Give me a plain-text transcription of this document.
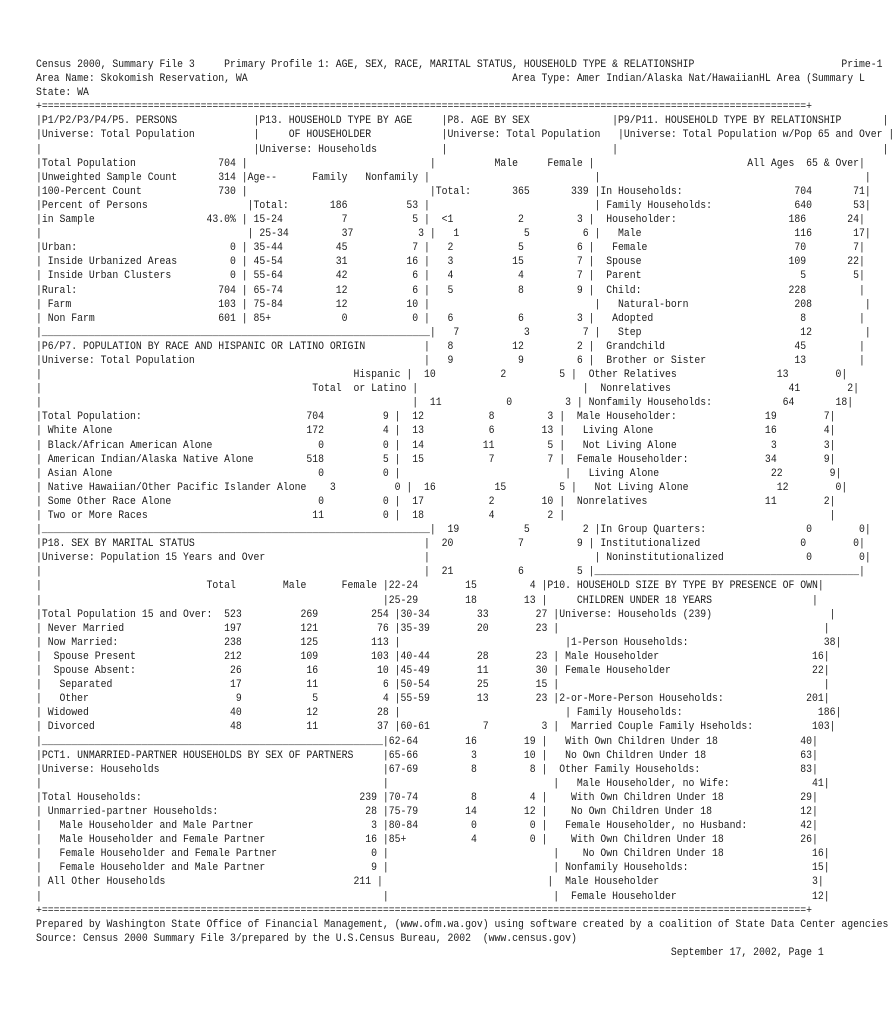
Census 2000, Summary File 3     Primary Profile 1: AGE, SEX, RACE, MARITAL STATUS, HOUSEHOLD TYPE & RELATIONSHIP                         Prime-1
Area Name: Skokomish Reservation, WA                                             Area Type: Amer Indian/Alaska Nat/HawaiianHL Area (Summary L
State: WA
+==================================================================================================================================+
|P1/P2/P3/P4/P5. PERSONS             |P13. HOUSEHOLD TYPE BY AGE     |P8. AGE BY SEX              |P9/P11. HOUSEHOLD TYPE BY RELATIONSHIP       |
|Universe: Total Population          |     OF HOUSEHOLDER            |Universe: Total Population   |Universe: Total Population w/Pop 65 and Over |
|                                    |Universe: Households           |                            |                                             |
|Total Population              704 |                               |          Male     Female |                          All Ages  65 & Over|
|Unweighted Sample Count       314 |Age--      Family   Nonfamily |                            |                                             |
|100-Percent Count             730 |                               |Total:       365       339 |In Households:                   704       71|
|Percent of Persons                 |Total:       186          53 |                            | Family Households:              640       53|
|in Sample                   43.0% | 15-24          7           5 |  <1           2         3 |  Householder:                   186       24|
|                                   | 25-34         37           3 |   1           5         6 |   Male                          116       17|
|Urban:                          0 | 35-44         45           7 |   2           5         6 |   Female                         70        7|
| Inside Urbanized Areas         0 | 45-54         31          16 |   3          15         7 |  Spouse                         109       22|
| Inside Urban Clusters          0 | 55-64         42           6 |   4           4         7 |  Parent                           5        5|
|Rural:                        704 | 65-74         12           6 |   5           8         9 |  Child:                         228         |
| Farm                         103 | 75-84         12          10 |                            |   Natural-born                  208         |
| Non Farm                     601 | 85+            0           0 |   6           6         3 |   Adopted                         8         |
|__________________________________________________________________|   7           3         7 |   Step                           12         |
|P6/P7. POPULATION BY RACE AND HISPANIC OR LATINO ORIGIN          |   8          12         2 |  Grandchild                      45         |
|Universe: Total Population                                       |   9           9         6 |  Brother or Sister               13         |
|                                                     Hispanic |  10           2         5 |  Other Relatives                 13        0|
|                                              Total  or Latino |                            |  Nonrelatives                    41        2|
|                                                               |  11           0         3 | Nonfamily Households:            64       18|
|Total Population:                            704          9 |  12           8         3 |  Male Householder:               19        7|
| White Alone                                 172          4 |  13           6        13 |   Living Alone                   16        4|
| Black/African American Alone                  0          0 |  14          11         5 |   Not Living Alone                3        3|
| American Indian/Alaska Native Alone         518          5 |  15           7         7 |  Female Householder:             34        9|
| Asian Alone                                   0          0 |                            |   Living Alone                   22        9|
| Native Hawaiian/Other Pacific Islander Alone    3          0 |  16          15         5 |   Not Living Alone               12        0|
| Some Other Race Alone                         0          0 |  17           2        10 |  Nonrelatives                    11        2|
| Two or More Races                            11          0 |  18           4         2 |                                             |
|__________________________________________________________________|  19           5         2 |In Group Quarters:                 0        0|
|P18. SEX BY MARITAL STATUS                                       |  20           7         9 | Institutionalized                 0        0|
|Universe: Population 15 Years and Over                           |                            | Noninstitutionalized              0        0|
|                                                                 |  21           6         5 |_____________________________________________|
|                            Total        Male      Female |22-24        15         4 |P10. HOUSEHOLD SIZE BY TYPE BY PRESENCE OF OWN|
|                                                          |25-29        18        13 |     CHILDREN UNDER 18 YEARS                 |
|Total Population 15 and Over:  523          269         254 |30-34        33        27 |Universe: Households (239)                    |
| Never Married                 197          121          76 |35-39        20        23 |                                             |
| Now Married:                  238          125         113 |                            |1-Person Households:                       38|
|  Spouse Present               212          109         103 |40-44        28        23 | Male Householder                          16|
|  Spouse Absent:                26           16          10 |45-49        11        30 | Female Householder                        22|
|   Separated                    17           11           6 |50-54        25        15 |                                             |
|   Other                         9            5           4 |55-59        13        23 |2-or-More-Person Households:              201|
| Widowed                        40           12          28 |                            | Family Households:                       186|
| Divorced                       48           11          37 |60-61         7         3 |  Married Couple Family Hseholds:          103|
|__________________________________________________________|62-64        16        19 |   With Own Children Under 18              40|
|PCT1. UNMARRIED-PARTNER HOUSEHOLDS BY SEX OF PARTNERS     |65-66         3        10 |   No Own Children Under 18                63|
|Universe: Households                                      |67-69         8         8 |  Other Family Households:                 83|
|                                                          |                            |   Male Householder, no Wife:              41|
|Total Households:                                     239 |70-74         8         4 |    With Own Children Under 18             29|
| Unmarried-partner Households:                         28 |75-79        14        12 |    No Own Children Under 18               12|
|   Male Householder and Male Partner                    3 |80-84         0         0 |   Female Householder, no Husband:         42|
|   Male Householder and Female Partner                 16 |85+           4         0 |    With Own Children Under 18             26|
|   Female Householder and Female Partner                0 |                            |    No Own Children Under 18               16|
|   Female Householder and Male Partner                  9 |                            | Nonfamily Households:                     15|
| All Other Households                                211 |                            |  Male Householder                          3|
|                                                          |                            |  Female Householder                       12|
+==================================================================================================================================+
Prepared by Washington State Office of Financial Management, (www.ofm.wa.gov) using software created by a coalition of State Data Center agencies
Source: Census 2000 Summary File 3/prepared by the U.S.Census Bureau, 2002  (www.census.gov)
September 17, 2002, Page 1
